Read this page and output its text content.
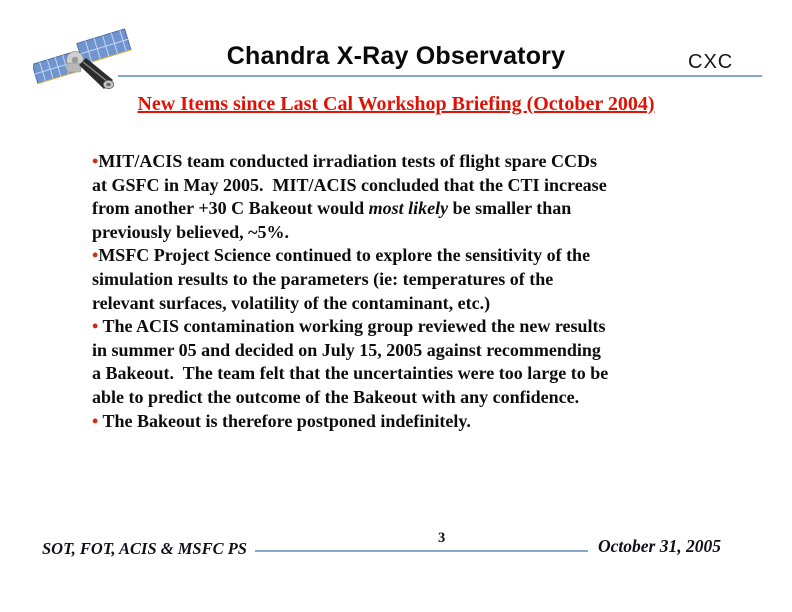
Chandra X-Ray Observatory	CXC
New Items since Last Cal Workshop Briefing (October 2004)
•MIT/ACIS team conducted irradiation tests of flight spare CCDs
at GSFC in May 2005.  MIT/ACIS concluded that the CTI increase
from another +30 C Bakeout would most likely be smaller than
previously believed, ~5%.
•MSFC Project Science continued to explore the sensitivity of the
simulation results to the parameters (ie: temperatures of the
relevant surfaces, volatility of the contaminant, etc.)
• The ACIS contamination working group reviewed the new results
in summer 05 and decided on July 15, 2005 against recommending
a Bakeout.  The team felt that the uncertainties were too large to be
able to predict the outcome of the Bakeout with any confidence.
• The Bakeout is therefore postponed indefinitely.
SOT, FOT, ACIS & MSFC PS
3	October 31, 2005
